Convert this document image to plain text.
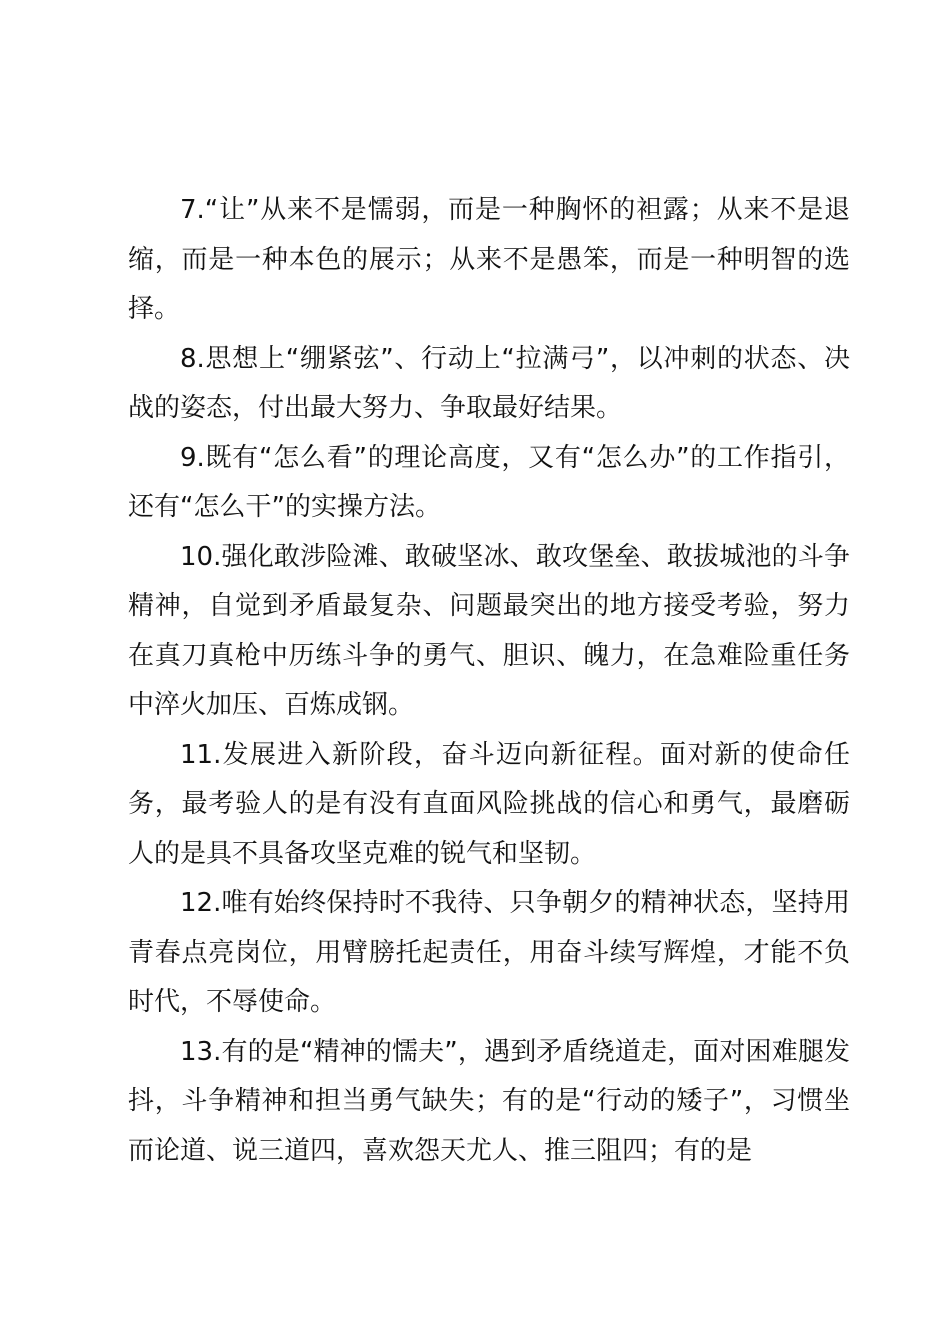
7.“让”从来不是懦弱，而是一种胸怀的袒露；从来不是退缩，而是一种本色的展示；从来不是愚笨，而是一种明智的选择。

8.思想上“绷紧弦”、行动上“拉满弓”，以冲刺的状态、决战的姿态，付出最大努力、争取最好结果。

9.既有“怎么看”的理论高度，又有“怎么办”的工作指引，还有“怎么干”的实操方法。

10.强化敢涉险滩、敢破坚冰、敢攻堡垒、敢拔城池的斗争精神，自觉到矛盾最复杂、问题最突出的地方接受考验，努力在真刀真枪中历练斗争的勇气、胆识、魄力，在急难险重任务中淬火加压、百炼成钢。

11.发展进入新阶段，奋斗迈向新征程。面对新的使命任务，最考验人的是有没有直面风险挑战的信心和勇气，最磨砺人的是具不具备攻坚克难的锐气和坚韧。

12.唯有始终保持时不我待、只争朝夕的精神状态，坚持用青春点亮岗位，用臂膀托起责任，用奋斗续写辉煌，才能不负时代，不辱使命。

13.有的是“精神的懦夫”，遇到矛盾绕道走，面对困难腿发抖，斗争精神和担当勇气缺失；有的是“行动的矮子”，习惯坐而论道、说三道四，喜欢怨天尤人、推三阻四；有的是
